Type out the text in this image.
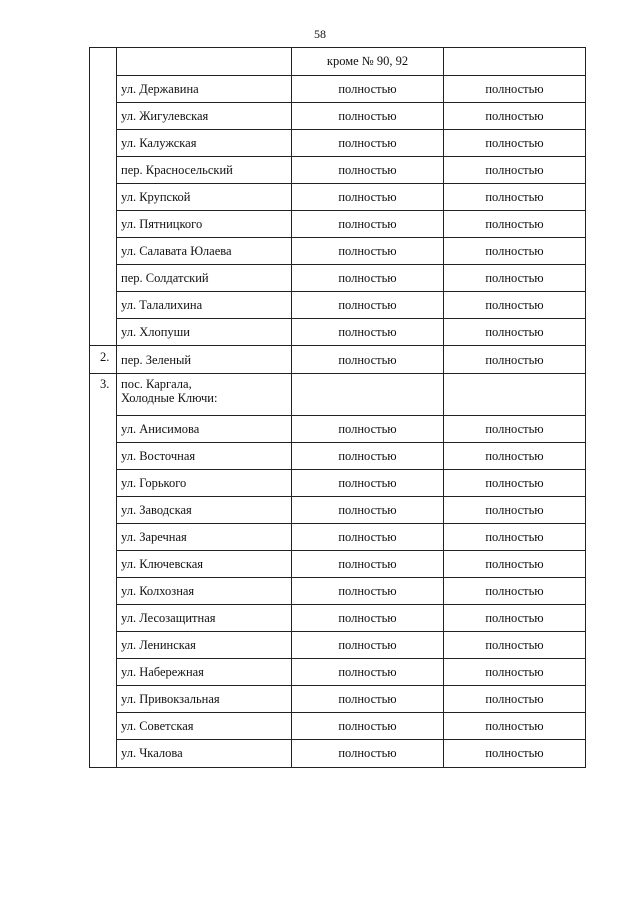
58
		кроме № 90, 92	
	ул. Державина	полностью	полностью
	ул. Жигулевская	полностью	полностью
	ул. Калужская	полностью	полностью
	пер. Красносельский	полностью	полностью
	ул. Крупской	полностью	полностью
	ул. Пятницкого	полностью	полностью
	ул. Салавата Юлаева	полностью	полностью
	пер. Солдатский	полностью	полностью
	ул. Талалихина	полностью	полностью
	ул. Хлопуши	полностью	полностью
2.	пер. Зеленый	полностью	полностью
3.	пос. Каргала,
Холодные Ключи:		
	ул. Анисимова	полностью	полностью
	ул. Восточная	полностью	полностью
	ул. Горького	полностью	полностью
	ул. Заводская	полностью	полностью
	ул. Заречная	полностью	полностью
	ул. Ключевская	полностью	полностью
	ул. Колхозная	полностью	полностью
	ул. Лесозащитная	полностью	полностью
	ул. Ленинская	полностью	полностью
	ул. Набережная	полностью	полностью
	ул. Привокзальная	полностью	полностью
	ул. Советская	полностью	полностью
	ул. Чкалова	полностью	полностью
